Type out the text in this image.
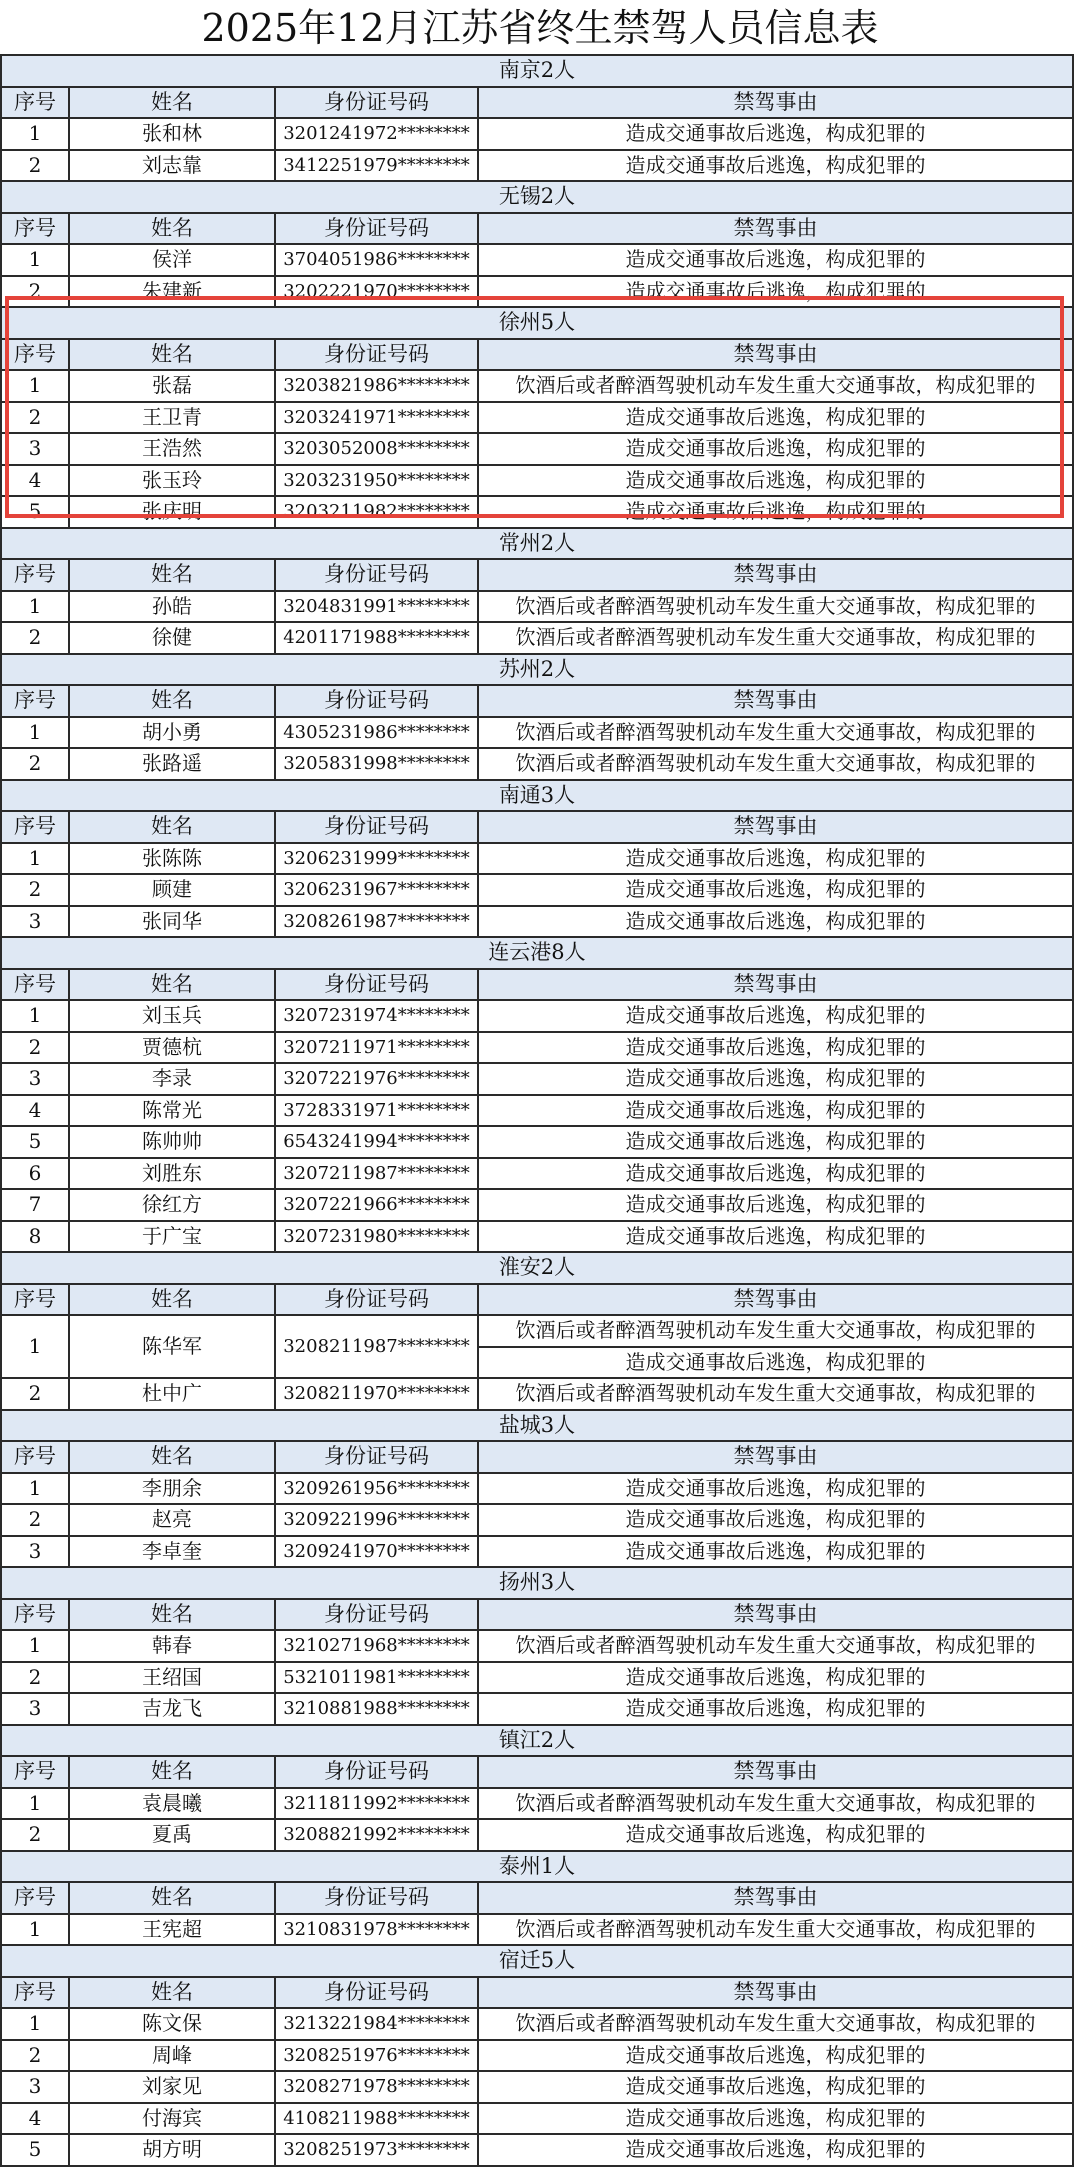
2025年12月江苏省终生禁驾人员信息表
南京2人			
序号	姓名	身份证号码	禁驾事由
1	张和林	3201241972********	造成交通事故后逃逸，构成犯罪的
2	刘志靠	3412251979********	造成交通事故后逃逸，构成犯罪的
无锡2人			
序号	姓名	身份证号码	禁驾事由
1	侯洋	3704051986********	造成交通事故后逃逸，构成犯罪的
2	朱建新	3202221970********	造成交通事故后逃逸，构成犯罪的
徐州5人			
序号	姓名	身份证号码	禁驾事由
1	张磊	3203821986********	饮酒后或者醉酒驾驶机动车发生重大交通事故，构成犯罪的
2	王卫青	3203241971********	造成交通事故后逃逸，构成犯罪的
3	王浩然	3203052008********	造成交通事故后逃逸，构成犯罪的
4	张玉玲	3203231950********	造成交通事故后逃逸，构成犯罪的
5	张庆明	3203211982********	造成交通事故后逃逸，构成犯罪的
常州2人			
序号	姓名	身份证号码	禁驾事由
1	孙皓	3204831991********	饮酒后或者醉酒驾驶机动车发生重大交通事故，构成犯罪的
2	徐健	4201171988********	饮酒后或者醉酒驾驶机动车发生重大交通事故，构成犯罪的
苏州2人			
序号	姓名	身份证号码	禁驾事由
1	胡小勇	4305231986********	饮酒后或者醉酒驾驶机动车发生重大交通事故，构成犯罪的
2	张路遥	3205831998********	饮酒后或者醉酒驾驶机动车发生重大交通事故，构成犯罪的
南通3人			
序号	姓名	身份证号码	禁驾事由
1	张陈陈	3206231999********	造成交通事故后逃逸，构成犯罪的
2	顾建	3206231967********	造成交通事故后逃逸，构成犯罪的
3	张同华	3208261987********	造成交通事故后逃逸，构成犯罪的
连云港8人			
序号	姓名	身份证号码	禁驾事由
1	刘玉兵	3207231974********	造成交通事故后逃逸，构成犯罪的
2	贾德杭	3207211971********	造成交通事故后逃逸，构成犯罪的
3	李录	3207221976********	造成交通事故后逃逸，构成犯罪的
4	陈常光	3728331971********	造成交通事故后逃逸，构成犯罪的
5	陈帅帅	6543241994********	造成交通事故后逃逸，构成犯罪的
6	刘胜东	3207211987********	造成交通事故后逃逸，构成犯罪的
7	徐红方	3207221966********	造成交通事故后逃逸，构成犯罪的
8	于广宝	3207231980********	造成交通事故后逃逸，构成犯罪的
淮安2人			
序号	姓名	身份证号码	禁驾事由
1	陈华军	3208211987********	饮酒后或者醉酒驾驶机动车发生重大交通事故，构成犯罪的
			造成交通事故后逃逸，构成犯罪的
2	杜中广	3208211970********	饮酒后或者醉酒驾驶机动车发生重大交通事故，构成犯罪的
盐城3人			
序号	姓名	身份证号码	禁驾事由
1	李朋余	3209261956********	造成交通事故后逃逸，构成犯罪的
2	赵亮	3209221996********	造成交通事故后逃逸，构成犯罪的
3	李卓奎	3209241970********	造成交通事故后逃逸，构成犯罪的
扬州3人			
序号	姓名	身份证号码	禁驾事由
1	韩春	3210271968********	饮酒后或者醉酒驾驶机动车发生重大交通事故，构成犯罪的
2	王绍国	5321011981********	造成交通事故后逃逸，构成犯罪的
3	吉龙飞	3210881988********	造成交通事故后逃逸，构成犯罪的
镇江2人			
序号	姓名	身份证号码	禁驾事由
1	袁晨曦	3211811992********	饮酒后或者醉酒驾驶机动车发生重大交通事故，构成犯罪的
2	夏禹	3208821992********	造成交通事故后逃逸，构成犯罪的
泰州1人			
序号	姓名	身份证号码	禁驾事由
1	王宪超	3210831978********	饮酒后或者醉酒驾驶机动车发生重大交通事故，构成犯罪的
宿迁5人			
序号	姓名	身份证号码	禁驾事由
1	陈文保	3213221984********	饮酒后或者醉酒驾驶机动车发生重大交通事故，构成犯罪的
2	周峰	3208251976********	造成交通事故后逃逸，构成犯罪的
3	刘家见	3208271978********	造成交通事故后逃逸，构成犯罪的
4	付海宾	4108211988********	造成交通事故后逃逸，构成犯罪的
5	胡方明	3208251973********	造成交通事故后逃逸，构成犯罪的
